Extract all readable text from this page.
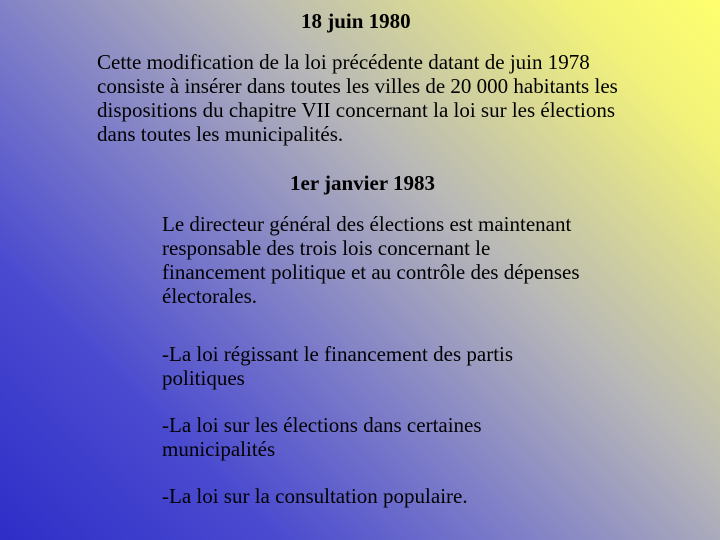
18 juin 1980
Cette modification de la loi précédente datant de juin 1978 consiste à insérer dans toutes les villes de 20 000 habitants les dispositions du chapitre VII concernant la loi sur les élections dans toutes les municipalités.
1er janvier 1983
Le directeur général des élections est maintenant responsable des trois lois concernant le financement politique et au contrôle des dépenses électorales.
-La loi régissant le financement des partis politiques
-La loi sur les élections dans certaines municipalités
-La loi sur la consultation populaire.
